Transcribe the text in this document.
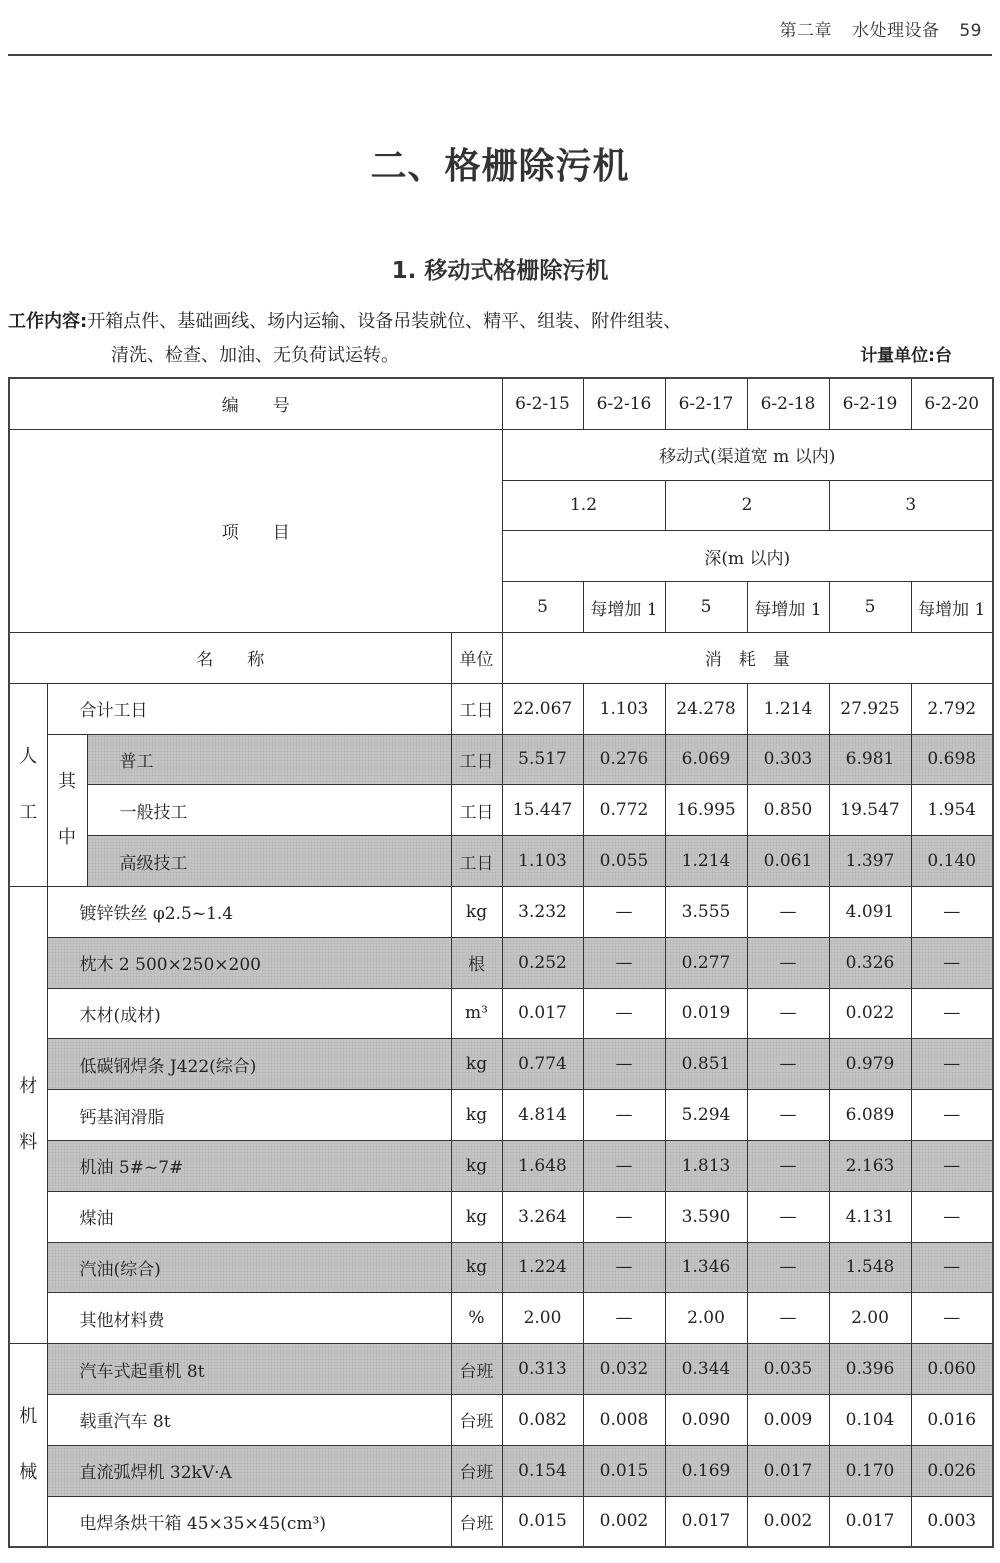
第二章 水处理设备 59
二、格栅除污机
1. 移动式格栅除污机
工作内容:开箱点件、基础画线、场内运输、设备吊装就位、精平、组装、附件组装、
清洗、检查、加油、无负荷试运转。	计量单位:台
编　　号				6-2-15	6-2-16	6-2-17	6-2-18	6-2-19	6-2-20
项　　目				移动式(渠道宽 m 以内)					
				1.2		2		3	
				深(m 以内)					
				5	每增加 1	5	每增加 1	5	每增加 1
名　　称			单位	消　耗　量					

人
工	合计工日		工日	22.067	1.103	24.278	1.214	27.925	2.792

	其
中	普工	工日	5.517	0.276	6.069	0.303	6.981	0.698
		一般技工	工日	15.447	0.772	16.995	0.850	19.547	1.954
		高级技工	工日	1.103	0.055	1.214	0.061	1.397	0.140

材
料	镀锌铁丝 φ2.5~1.4		kg	3.232	—	3.555	—	4.091	—
	枕木 2 500×250×200		根	0.252	—	0.277	—	0.326	—
	木材(成材)		m³	0.017	—	0.019	—	0.022	—
	低碳钢焊条 J422(综合)		kg	0.774	—	0.851	—	0.979	—
	钙基润滑脂		kg	4.814	—	5.294	—	6.089	—
	机油 5#~7#		kg	1.648	—	1.813	—	2.163	—
	煤油		kg	3.264	—	3.590	—	4.131	—
	汽油(综合)		kg	1.224	—	1.346	—	1.548	—
	其他材料费		%	2.00	—	2.00	—	2.00	—

机
械	汽车式起重机 8t		台班	0.313	0.032	0.344	0.035	0.396	0.060
	载重汽车 8t		台班	0.082	0.008	0.090	0.009	0.104	0.016
	直流弧焊机 32kV·A		台班	0.154	0.015	0.169	0.017	0.170	0.026
	电焊条烘干箱 45×35×45(cm³)		台班	0.015	0.002	0.017	0.002	0.017	0.003
